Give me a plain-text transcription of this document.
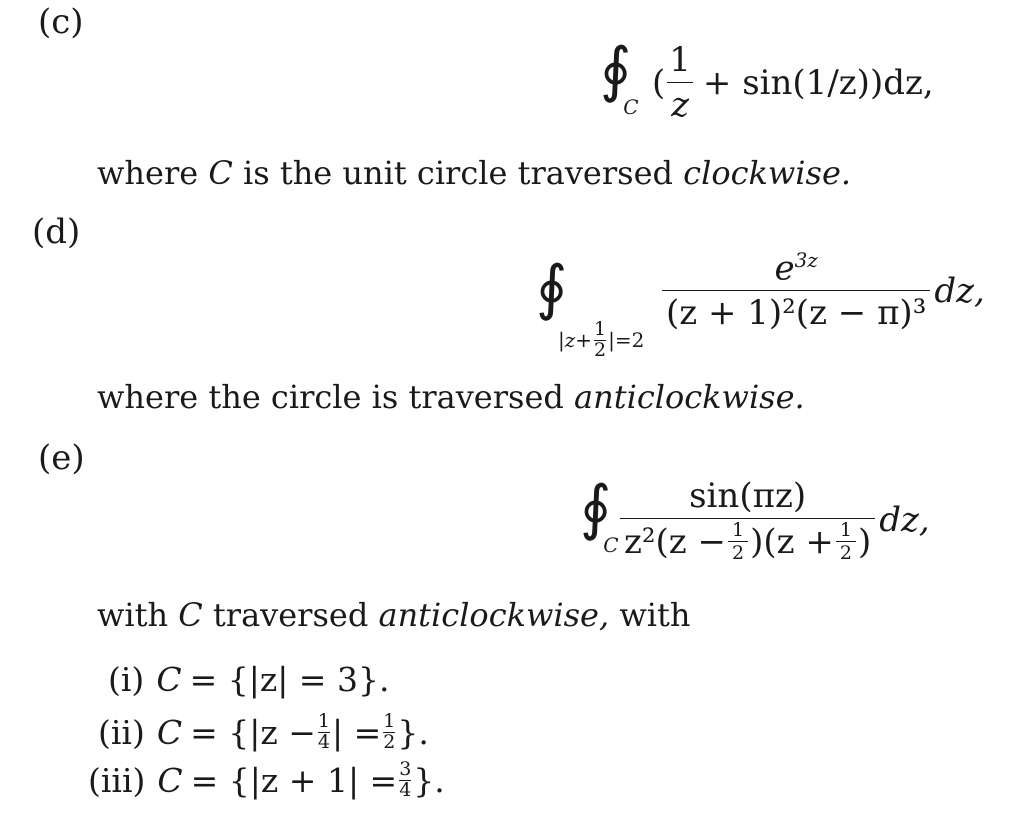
(c)
$∮_C$
( $\frac{1}{z} + \sin(1/z))dz$,
where C is the unit circle traversed clockwise.
(d)
∮
$|z+ \frac{1}{2} |=2$
$\frac{e^{3z}}{\text{(z + 1)²(z − π)³}}$ dz,
where the circle is traversed anticlockwise.
(e)
$∮_C \frac{\sin(\pi z)}{z^2(z - \frac{1}{2} )(z + \frac{1}{2} )}$ dz,
with C traversed anticlockwise, with
(i) C = {|z| = 3}.
(ii) $C = \{|z - \frac{1}{4}$ | = $\frac{1}{2}$ }.
(iii) $C = \{|z + 1| = \frac{3}{4}$ }.
